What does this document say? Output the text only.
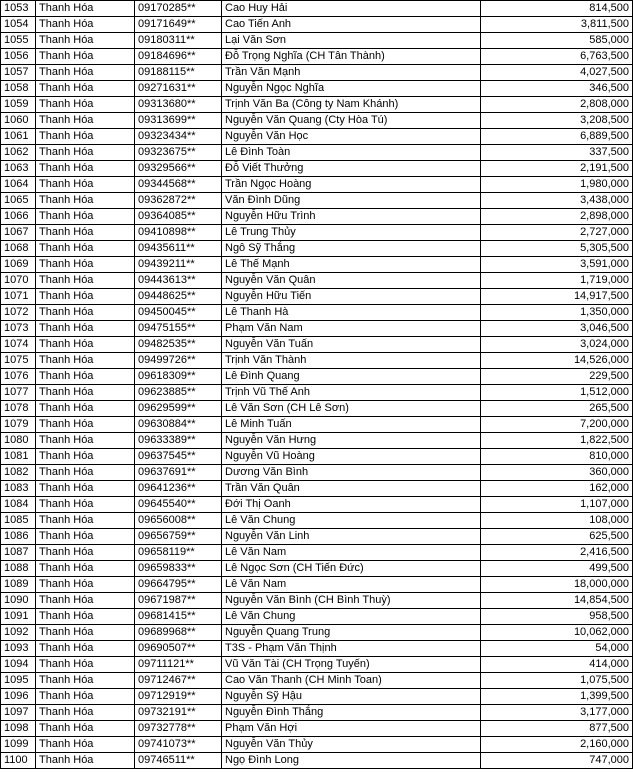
1053	Thanh Hóa	09170285**	Cao Huy Hải	814,500
1054	Thanh Hóa	09171649**	Cao Tiến Anh	3,811,500
1055	Thanh Hóa	09180311**	Lại Văn Sơn	585,000
1056	Thanh Hóa	09184696**	Đỗ Trọng Nghĩa (CH Tân Thành)	6,763,500
1057	Thanh Hóa	09188115**	Trần Văn Mạnh	4,027,500
1058	Thanh Hóa	09271631**	Nguyễn Ngọc Nghĩa	346,500
1059	Thanh Hóa	09313680**	Trịnh Văn Ba (Công ty Nam Khánh)	2,808,000
1060	Thanh Hóa	09313699**	Nguyễn Văn Quang (Cty Hòa Tú)	3,208,500
1061	Thanh Hóa	09323434**	Nguyễn Văn Học	6,889,500
1062	Thanh Hóa	09323675**	Lê Đình Toàn	337,500
1063	Thanh Hóa	09329566**	Đỗ Viết Thưởng	2,191,500
1064	Thanh Hóa	09344568**	Trần Ngọc Hoàng	1,980,000
1065	Thanh Hóa	09362872**	Văn Đình Dũng	3,438,000
1066	Thanh Hóa	09364085**	Nguyễn Hữu Trình	2,898,000
1067	Thanh Hóa	09410898**	Lê Trung Thủy	2,727,000
1068	Thanh Hóa	09435611**	Ngô Sỹ Thắng	5,305,500
1069	Thanh Hóa	09439211**	Lê Thế Mạnh	3,591,000
1070	Thanh Hóa	09443613**	Nguyễn Văn Quân	1,719,000
1071	Thanh Hóa	09448625**	Nguyễn Hữu Tiến	14,917,500
1072	Thanh Hóa	09450045**	Lê Thanh Hà	1,350,000
1073	Thanh Hóa	09475155**	Phạm Văn Nam	3,046,500
1074	Thanh Hóa	09482535**	Nguyễn Văn Tuấn	3,024,000
1075	Thanh Hóa	09499726**	Trịnh Văn Thành	14,526,000
1076	Thanh Hóa	09618309**	Lê Đình Quang	229,500
1077	Thanh Hóa	09623885**	Trịnh Vũ Thế Anh	1,512,000
1078	Thanh Hóa	09629599**	Lê Văn Sơn (CH Lê Sơn)	265,500
1079	Thanh Hóa	09630884**	Lê Minh Tuấn	7,200,000
1080	Thanh Hóa	09633389**	Nguyễn Văn Hưng	1,822,500
1081	Thanh Hóa	09637545**	Nguyễn Vũ Hoàng	810,000
1082	Thanh Hóa	09637691**	Dương Văn Bình	360,000
1083	Thanh Hóa	09641236**	Trần Văn Quân	162,000
1084	Thanh Hóa	09645540**	Đới Thị Oanh	1,107,000
1085	Thanh Hóa	09656008**	Lê Văn Chung	108,000
1086	Thanh Hóa	09656759**	Nguyễn Văn Linh	625,500
1087	Thanh Hóa	09658119**	Lê Văn Nam	2,416,500
1088	Thanh Hóa	09659833**	Lê Ngọc Sơn (CH Tiến Đức)	499,500
1089	Thanh Hóa	09664795**	Lê Văn Nam	18,000,000
1090	Thanh Hóa	09671987**	Nguyễn Văn Bình (CH Bình Thuỳ)	14,854,500
1091	Thanh Hóa	09681415**	Lê Văn Chung	958,500
1092	Thanh Hóa	09689968**	Nguyễn Quang Trung	10,062,000
1093	Thanh Hóa	09690507**	T3S - Phạm Văn Thịnh	54,000
1094	Thanh Hóa	09711121**	Vũ Văn Tài (CH Trọng Tuyến)	414,000
1095	Thanh Hóa	09712467**	Cao Văn Thanh (CH Minh Toan)	1,075,500
1096	Thanh Hóa	09712919**	Nguyễn Sỹ Hậu	1,399,500
1097	Thanh Hóa	09732191**	Nguyễn Đình Thắng	3,177,000
1098	Thanh Hóa	09732778**	Phạm Văn Hợi	877,500
1099	Thanh Hóa	09741073**	Nguyễn Văn Thủy	2,160,000
1100	Thanh Hóa	09746511**	Ngọ Đình Long	747,000
